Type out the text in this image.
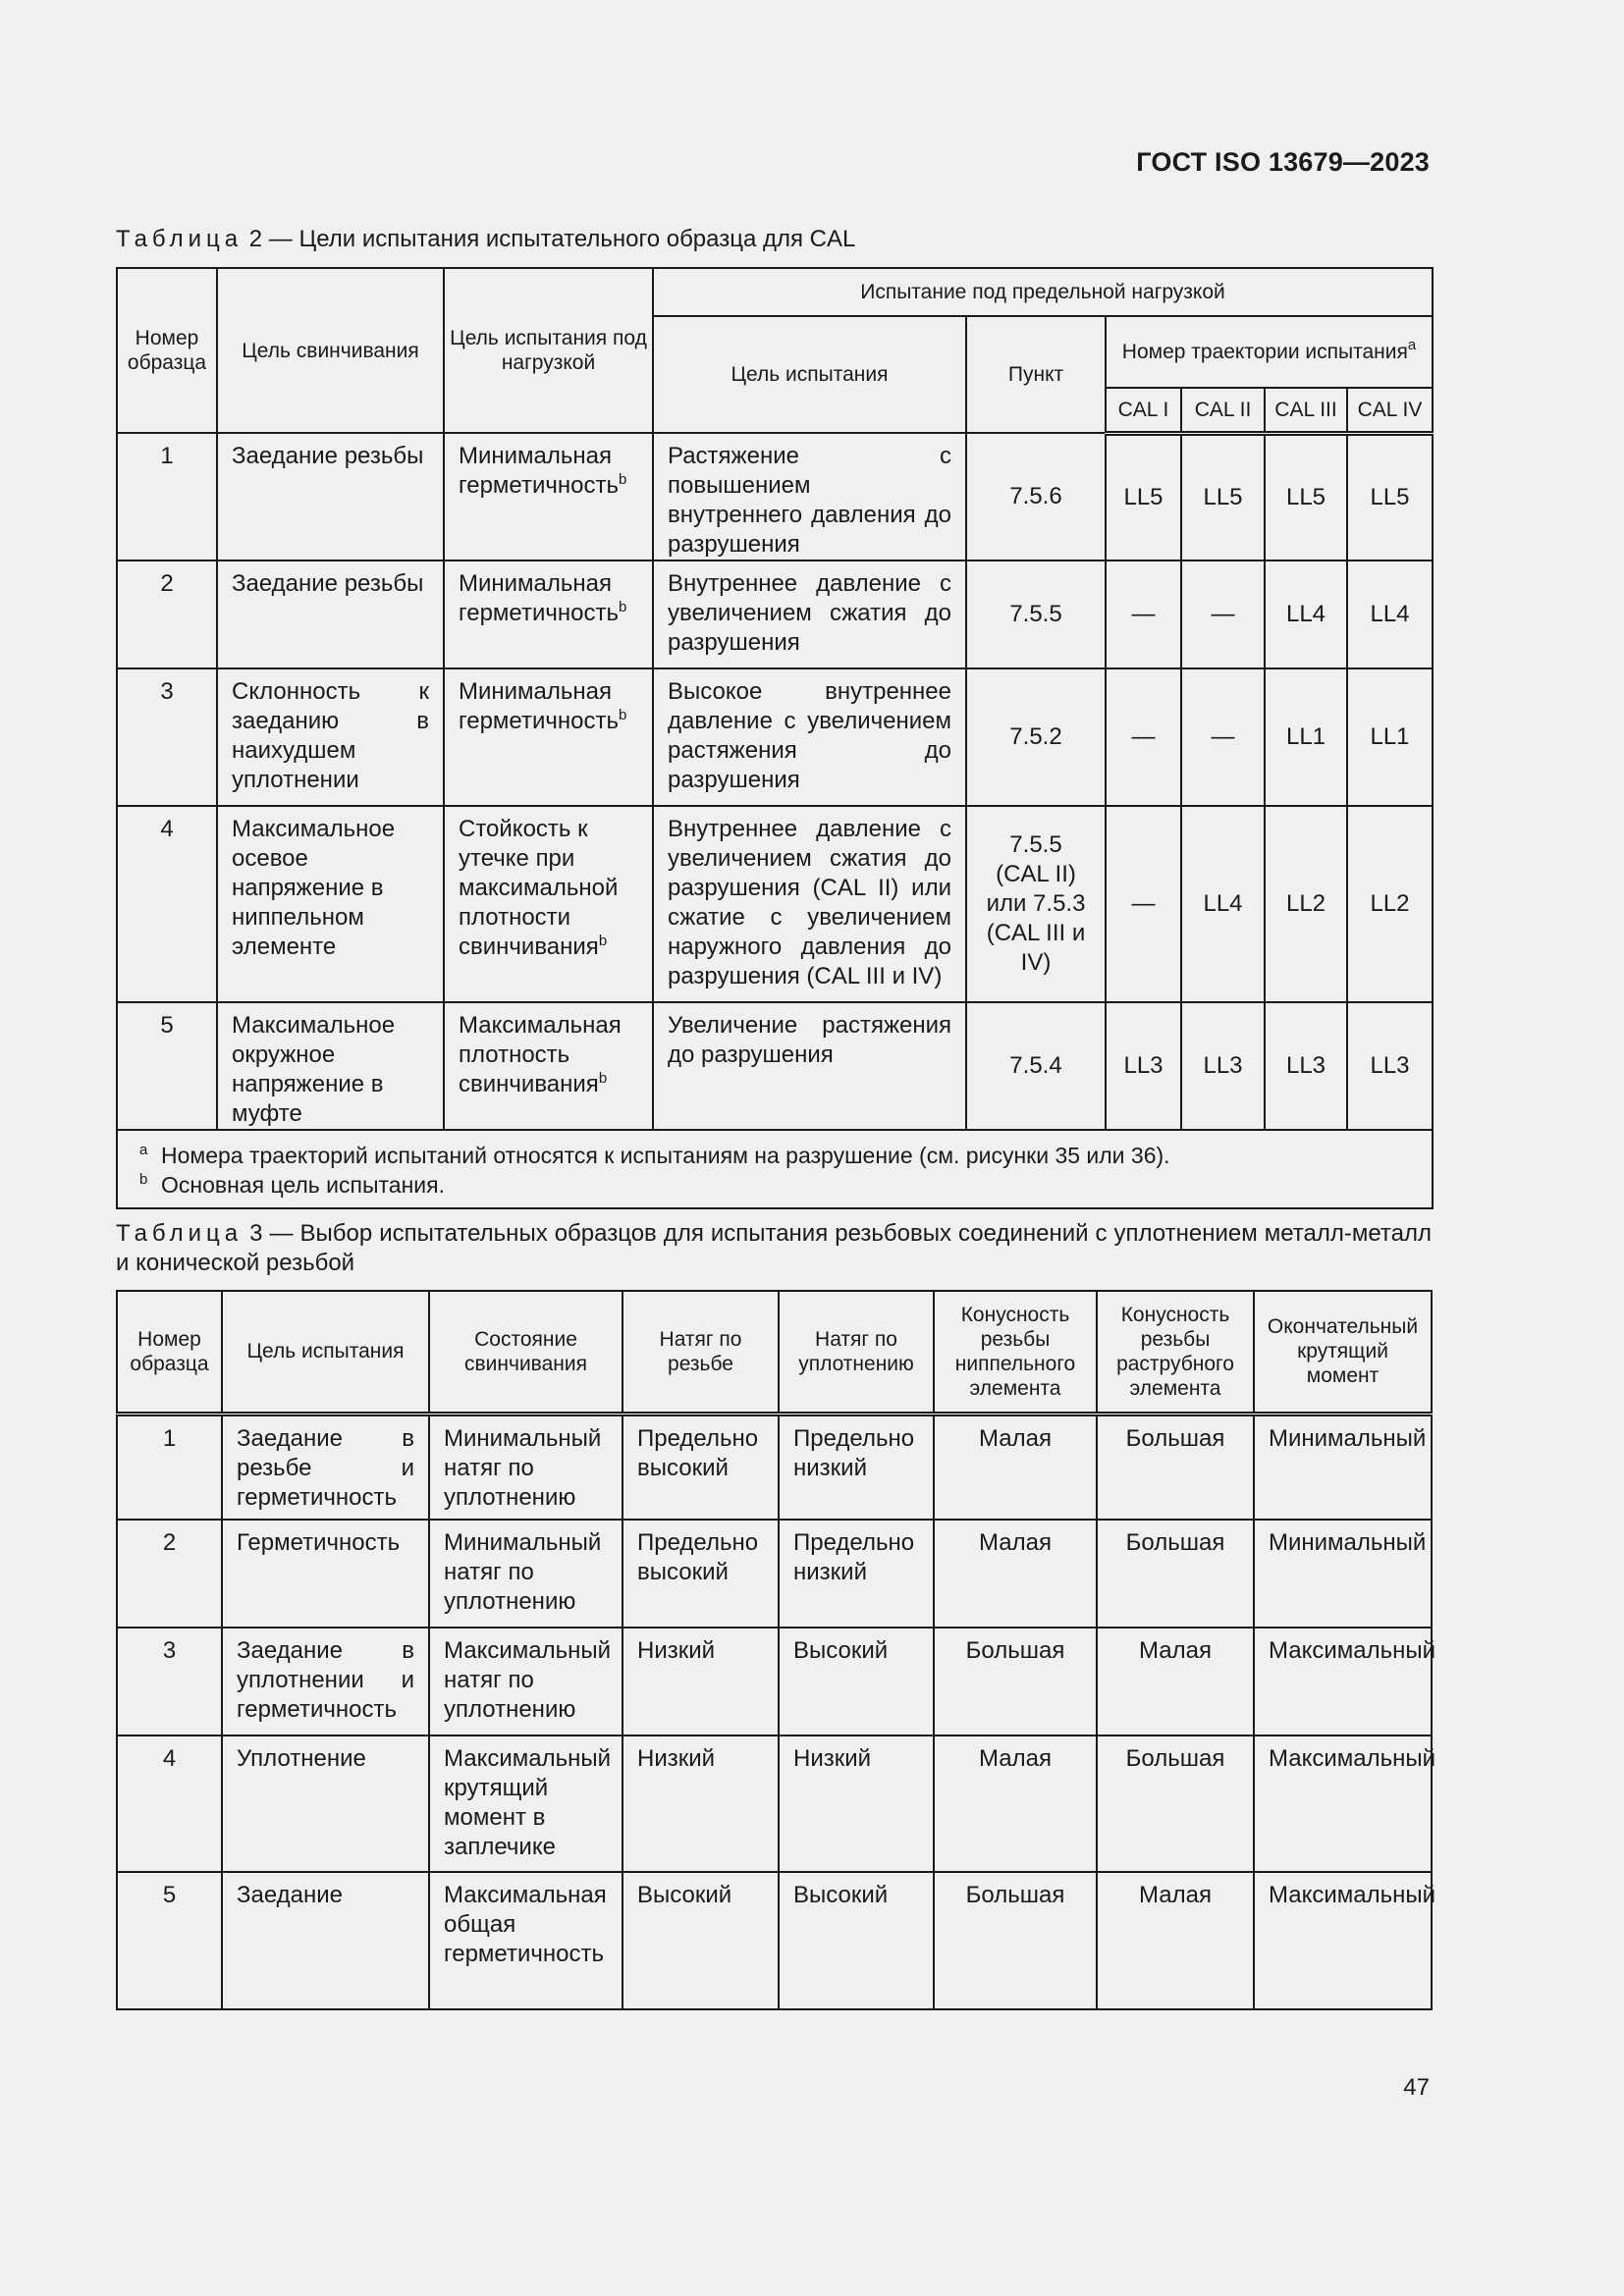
ГОСТ ISO 13679—2023
Таблица 2 — Цели испытания испытательного образца для CAL
Номер образца	Цель свинчивания	Цель испытания под нагрузкой	Испытание под предельной нагрузкой					
			Цель испытания	Пункт	Номер траектории испытания$^a$
					CAL I	CAL II	CAL III	CAL IV
1	Заедание резьбы	Минимальная герметичность$^b$	Растяжение с повышением внутреннего давления до разрушения	7.5.6	LL5	LL5	LL5	LL5
2	Заедание резьбы	Минимальная герметичность$^b$	Внутреннее давление с увеличением сжатия до разрушения	7.5.5	—	—	LL4	LL4
3	Склонность к заеданию в наихудшем уплотнении	Минимальная герметичность$^b$	Высокое внутреннее давление с увеличением растяжения до разрушения	7.5.2	—	—	LL1	LL1
4	Максимальное осевое напряжение в ниппельном элементе	Стойкость к утечке при максимальной плотности свинчивания$^b$	Внутреннее давление с увеличением сжатия до разрушения (CAL II) или сжатие с увеличением наружного давления до разрушения (CAL III и IV)	7.5.5 (CAL II) или 7.5.3 (CAL III и IV)	—	LL4	LL2	LL2
5	Максимальное окружное напряжение в муфте	Максимальная плотность свинчивания$^b$	Увеличение растяжения до разрушения	7.5.4	LL3	LL3	LL3	LL3

a Номера траекторий испытаний относятся к испытаниям на разрушение (см. рисунки 35 или 36).
b Основная цель испытания.								
Таблица 3 — Выбор испытательных образцов для испытания резьбовых соединений с уплотнением металл-металл и конической резьбой
Номер образца	Цель испытания	Состояние свинчивания	Натяг по резьбе	Натяг по уплотнению	Конусность резьбы ниппельного элемента	Конусность резьбы раструбного элемента	Окончательный крутящий момент
1	Заедание в резьбе и герметичность	Минимальный натяг по уплотнению	Предельно высокий	Предельно низкий	Малая	Большая	Минимальный
2	Герметичность	Минимальный натяг по уплотнению	Предельно высокий	Предельно низкий	Малая	Большая	Минимальный
3	Заедание в уплотнении и герметичность	Максимальный натяг по уплотнению	Низкий	Высокий	Большая	Малая	Максимальный
4	Уплотнение	Максимальный крутящий момент в заплечике	Низкий	Низкий	Малая	Большая	Максимальный
5	Заедание	Максимальная общая герметичность	Высокий	Высокий	Большая	Малая	Максимальный
47
